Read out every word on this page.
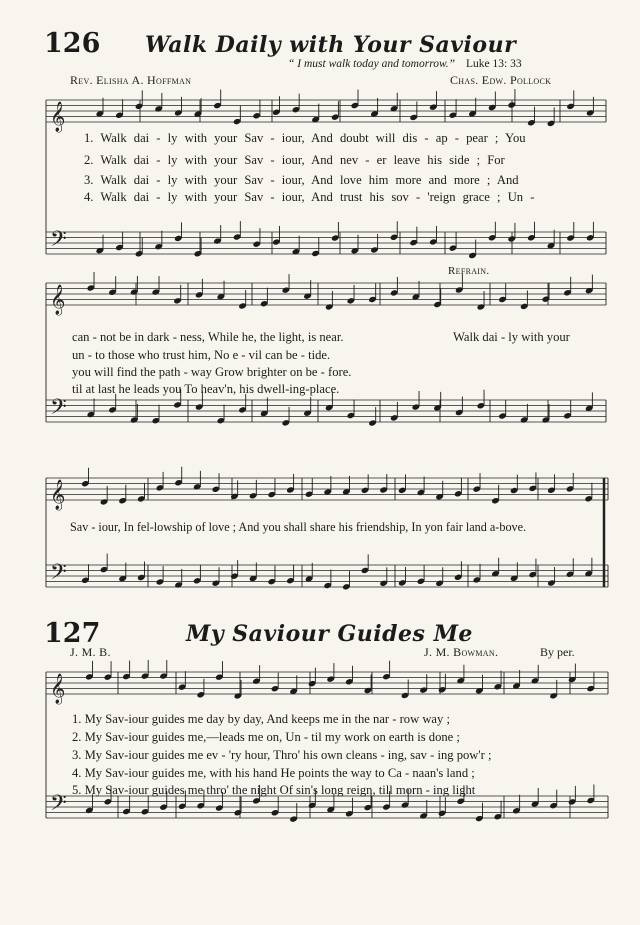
𝄞
𝄢
𝄞
𝄢
𝄞
𝄢
𝄞
𝄢
126 Walk Daily with Your Saviour
“ I must walk today and tomorrow.” Luke 13: 33
Rev. Elisha A. Hoffman	Chas. Edw. Pollock
1. Walk dai - ly with your Sav - iour, And doubt will dis - ap - pear ; You
2. Walk dai - ly with your Sav - iour, And nev - er leave his side ; For
3. Walk dai - ly with your Sav - iour, And love him more and more ; And
4. Walk dai - ly with your Sav - iour, And trust his sov - 'reign grace ; Un -
can - not be in dark - ness, While he, the light, is near.
un - to those who trust him, No e - vil can be - tide.
you will find the path - way Grow brighter on be - fore.
til at last he leads you To heav'n, his dwell-ing-place.
Refrain.
Walk dai - ly with your
Sav - iour, In fel-lowship of love ; And you shall share his friendship, In yon fair land a-bove.
127	My Saviour Guides Me
J. M. B.	J. M. Bowman.	By per.
1. My Sav-iour guides me day by day, And keeps me in the nar - row way ;
2. My Sav-iour guides me,—leads me on, Un - til my work on earth is done ;
3. My Sav-iour guides me ev - 'ry hour, Thro' his own cleans - ing, sav - ing pow'r ;
4. My Sav-iour guides me, with his hand He points the way to Ca - naan's land ;
5. My Sav-iour guides me thro' the night Of sin's long reign, till morn - ing light
